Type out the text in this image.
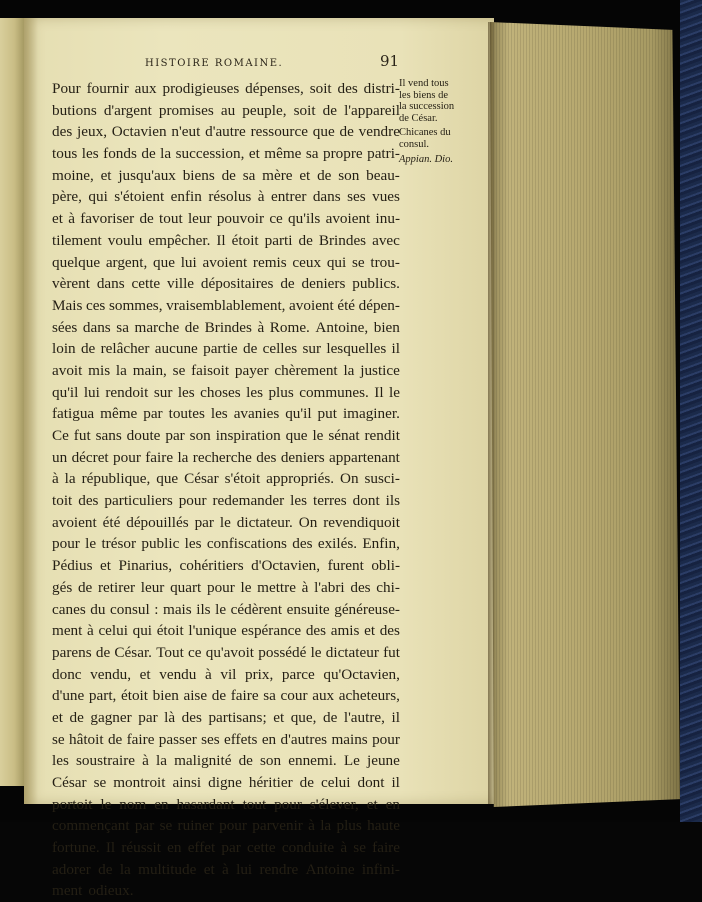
HISTOIRE ROMAINE.	91
Pour fournir aux prodigieuses dépenses, soit des distri-
butions d'argent promises au peuple, soit de l'appareil
des jeux, Octavien n'eut d'autre ressource que de vendre
tous les fonds de la succession, et même sa propre patri-
moine, et jusqu'aux biens de sa mère et de son beau-
père, qui s'étoient enfin résolus à entrer dans ses vues
et à favoriser de tout leur pouvoir ce qu'ils avoient inu-
tilement voulu empêcher. Il étoit parti de Brindes avec
quelque argent, que lui avoient remis ceux qui se trou-
vèrent dans cette ville dépositaires de deniers publics.
Mais ces sommes, vraisemblablement, avoient été dépen-
sées dans sa marche de Brindes à Rome. Antoine, bien
loin de relâcher aucune partie de celles sur lesquelles il
avoit mis la main, se faisoit payer chèrement la justice
qu'il lui rendoit sur les choses les plus communes. Il le
fatigua même par toutes les avanies qu'il put imaginer.
Ce fut sans doute par son inspiration que le sénat rendit
un décret pour faire la recherche des deniers appartenant
à la république, que César s'étoit appropriés. On susci-
toit des particuliers pour redemander les terres dont ils
avoient été dépouillés par le dictateur. On revendiquoit
pour le trésor public les confiscations des exilés. Enfin,
Pédius et Pinarius, cohéritiers d'Octavien, furent obli-
gés de retirer leur quart pour le mettre à l'abri des chi-
canes du consul : mais ils le cédèrent ensuite généreuse-
ment à celui qui étoit l'unique espérance des amis et des
parens de César. Tout ce qu'avoit possédé le dictateur fut
donc vendu, et vendu à vil prix, parce qu'Octavien,
d'une part, étoit bien aise de faire sa cour aux acheteurs,
et de gagner par là des partisans; et que, de l'autre, il
se hâtoit de faire passer ses effets en d'autres mains pour
les soustraire à la malignité de son ennemi. Le jeune
César se montroit ainsi digne héritier de celui dont il
portoit le nom en hasardant tout pour s'élever, et en
commençant par se ruiner pour parvenir à la plus haute
fortune. Il réussit en effet par cette conduite à se faire
adorer de la multitude et à lui rendre Antoine infini-
ment odieux.
Il vend tous
les biens de
la succession
de César.
Chicanes du
consul.
Appian. Dio.
